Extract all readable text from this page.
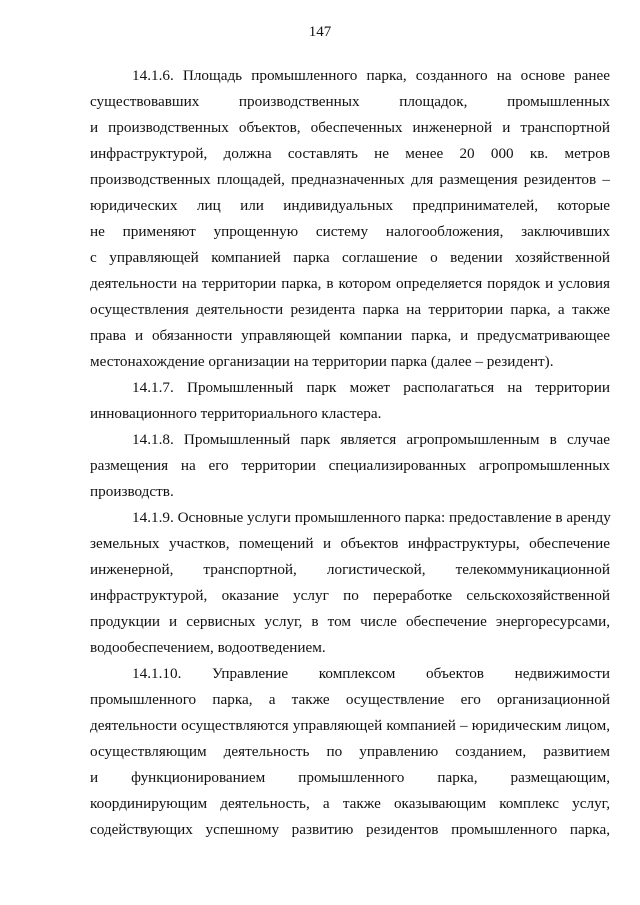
147
14.1.6. Площадь промышленного парка, созданного на основе ранее
существовавших производственных площадок, промышленных
и производственных объектов, обеспеченных инженерной и транспортной
инфраструктурой, должна составлять не менее 20 000 кв. метров
производственных площадей, предназначенных для размещения резидентов –
юридических лиц или индивидуальных предпринимателей, которые
не применяют упрощенную систему налогообложения, заключивших
с управляющей компанией парка соглашение о ведении хозяйственной
деятельности на территории парка, в котором определяется порядок и условия
осуществления деятельности резидента парка на территории парка, а также
права и обязанности управляющей компании парка, и предусматривающее
местонахождение организации на территории парка (далее – резидент).
14.1.7. Промышленный парк может располагаться на территории
инновационного территориального кластера.
14.1.8. Промышленный парк является агропромышленным в случае
размещения на его территории специализированных агропромышленных
производств.
14.1.9. Основные услуги промышленного парка: предоставление в аренду
земельных участков, помещений и объектов инфраструктуры, обеспечение
инженерной, транспортной, логистической, телекоммуникационной
инфраструктурой, оказание услуг по переработке сельскохозяйственной
продукции и сервисных услуг, в том числе обеспечение энергоресурсами,
водообеспечением, водоотведением.
14.1.10. Управление комплексом объектов недвижимости
промышленного парка, а также осуществление его организационной
деятельности осуществляются управляющей компанией – юридическим лицом,
осуществляющим деятельность по управлению созданием, развитием
и функционированием промышленного парка, размещающим,
координирующим деятельность, а также оказывающим комплекс услуг,
содействующих успешному развитию резидентов промышленного парка,
